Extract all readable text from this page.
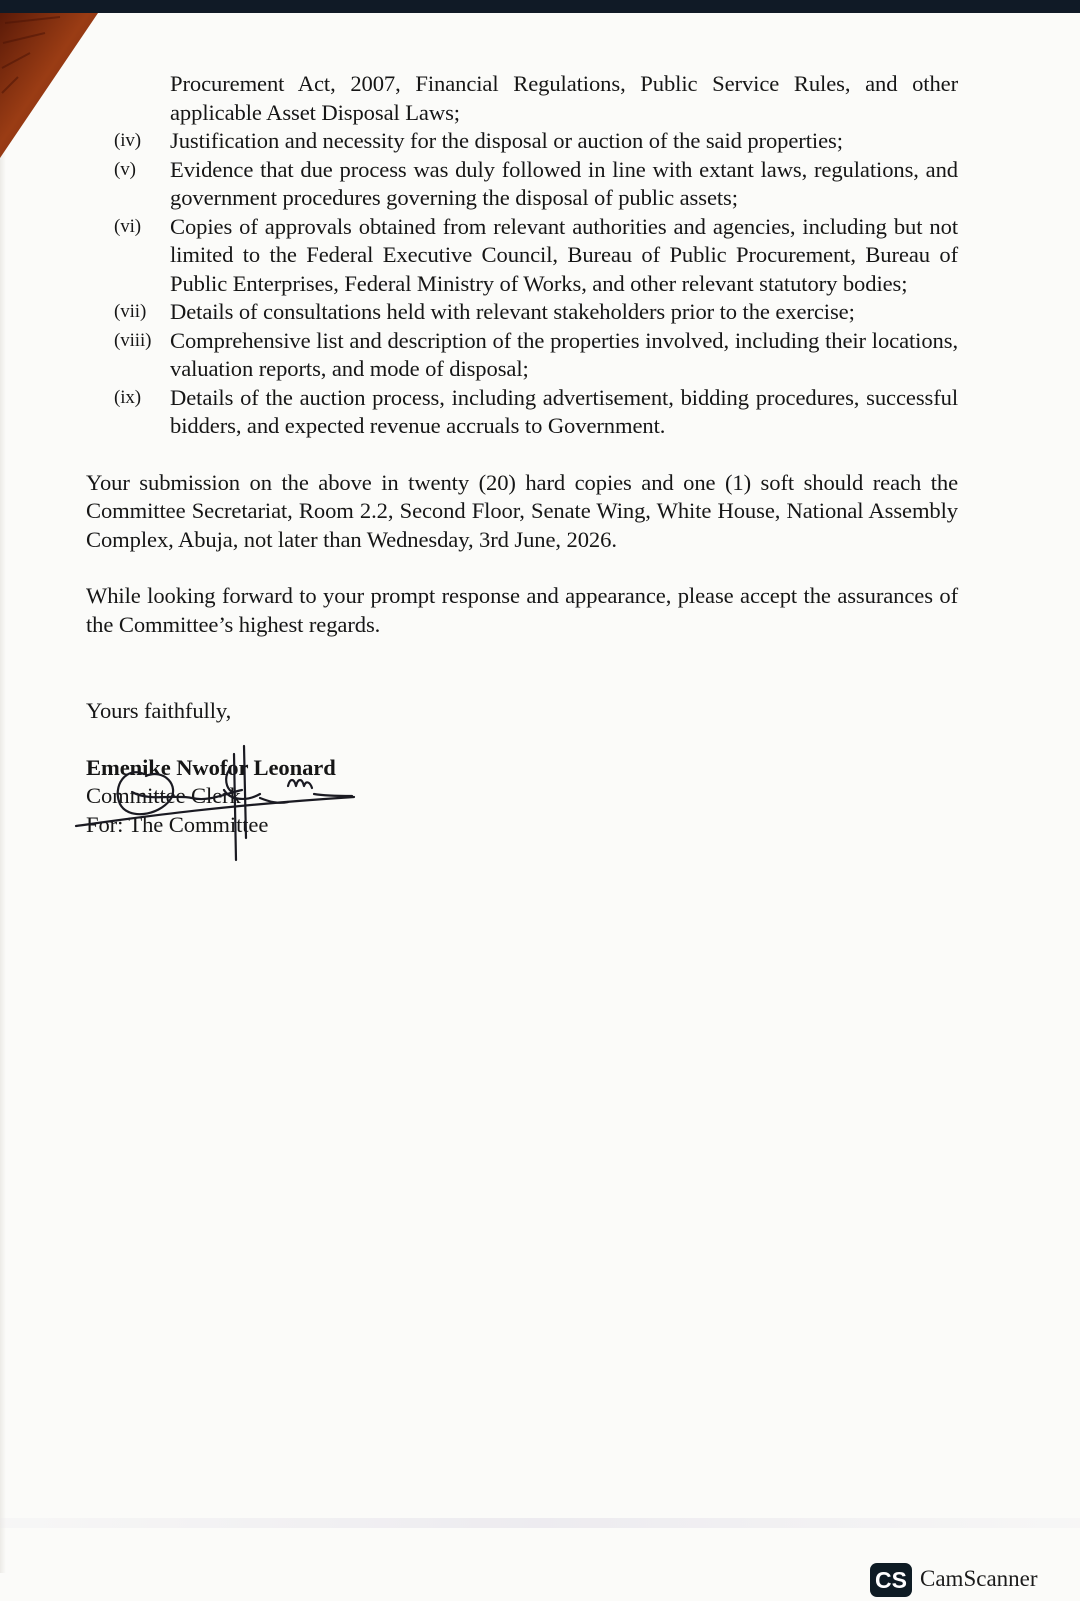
Procurement Act, 2007, Financial Regulations, Public Service Rules, and other applicable Asset Disposal Laws;
(iv)	Justification and necessity for the disposal or auction of the said properties;
(v)	Evidence that due process was duly followed in line with extant laws, regulations, and government procedures governing the disposal of public assets;
(vi)	Copies of approvals obtained from relevant authorities and agencies, including but not limited to the Federal Executive Council, Bureau of Public Procurement, Bureau of Public Enterprises, Federal Ministry of Works, and other relevant statutory bodies;
(vii)	Details of consultations held with relevant stakeholders prior to the exercise;
(viii) Comprehensive list and description of the properties involved, including their locations, valuation reports, and mode of disposal;
(ix)	Details of the auction process, including advertisement, bidding procedures, successful bidders, and expected revenue accruals to Government.
Your submission on the above in twenty (20) hard copies and one (1) soft should reach the Committee Secretariat, Room 2.2, Second Floor, Senate Wing, White House, National Assembly Complex, Abuja, not later than Wednesday, 3rd June, 2026.
While looking forward to your prompt response and appearance, please accept the assurances of the Committee’s highest regards.
Yours faithfully,
Emenike Nwofor Leonard
Committee Clerk
For: The Committee
CS CamScanner
